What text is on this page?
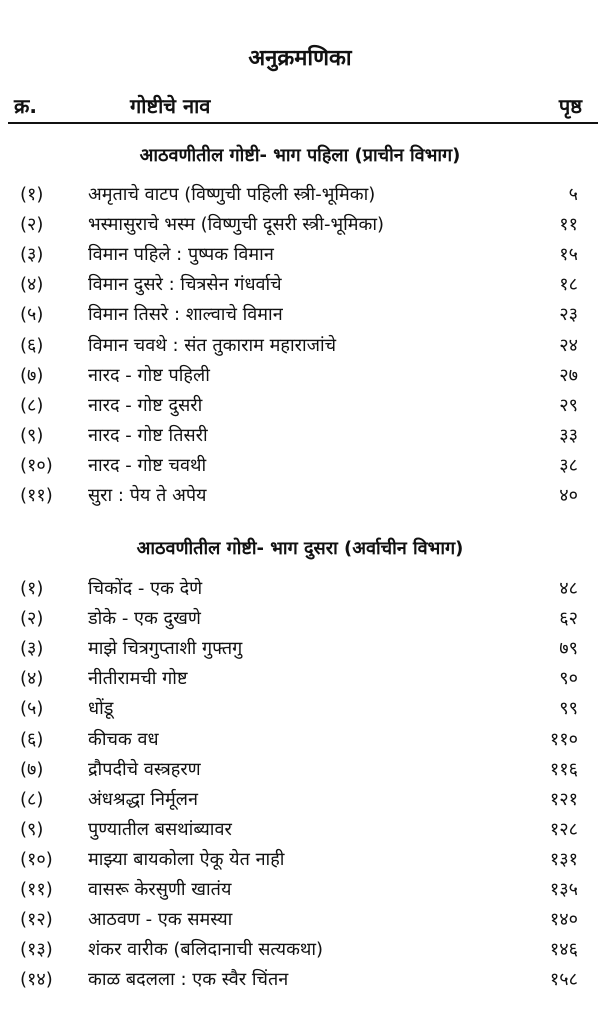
अनुक्रमणिका
क्र.	गोष्टीचे नाव	पृष्ठ
आठवणीतील गोष्टी- भाग पहिला (प्राचीन विभाग)
(१) अमृताचे वाटप (विष्णुची पहिली स्त्री-भूमिका)	५
(२) भस्मासुराचे भस्म (विष्णुची दूसरी स्त्री-भूमिका)	११
(३) विमान पहिले : पुष्पक विमान	१५
(४) विमान दुसरे : चित्रसेन गंधर्वाचे	१८
(५) विमान तिसरे : शाल्वाचे विमान	२३
(६) विमान चवथे : संत तुकाराम महाराजांचे	२४
(७) नारद - गोष्ट पहिली	२७
(८) नारद - गोष्ट दुसरी	२९
(९) नारद - गोष्ट तिसरी	३३
(१०) नारद - गोष्ट चवथी	३८
(११) सुरा : पेय ते अपेय	४०
आठवणीतील गोष्टी- भाग दुसरा (अर्वाचीन विभाग)
(१) चिकोंद - एक देणे	४८
(२) डोके - एक दुखणे	६२
(३) माझे चित्रगुप्ताशी गुफ्तगु	७९
(४) नीतीरामची गोष्ट	९०
(५) धोंडू	९९
(६) कीचक वध	११०
(७) द्रौपदीचे वस्त्रहरण	११६
(८) अंधश्रद्धा निर्मूलन	१२१
(९) पुण्यातील बसथांब्यावर	१२८
(१०) माझ्या बायकोला ऐकू येत नाही	१३१
(११) वासरू केरसुणी खातंय	१३५
(१२) आठवण - एक समस्या	१४०
(१३) शंकर वारीक (बलिदानाची सत्यकथा)	१४६
(१४) काळ बदलला : एक स्वैर चिंतन	१५८
